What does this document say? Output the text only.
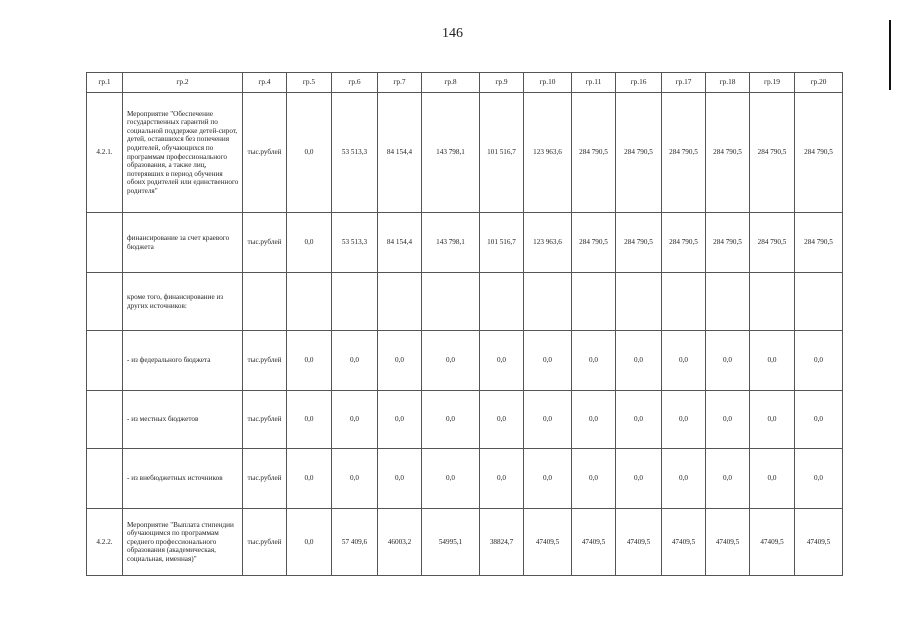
146
гр.1	гр.2	гр.4	гр.5	гр.6	гр.7	гр.8	гр.9	гр.10	гр.11	гр.16	гр.17	гр.18	гр.19	гр.20
4.2.1.	Мероприятие "Обеспечение государственных гарантий по социальной поддержке детей-сирот, детей, оставшихся без попечения родителей, обучающихся по программам профессионального образования, а также лиц, потерявших в период обучения обоих родителей или единственного родителя"	тыс.рублей	0,0	53 513,3	84 154,4	143 798,1	101 516,7	123 963,6	284 790,5	284 790,5	284 790,5	284 790,5	284 790,5	284 790,5
	финансирование за счет краевого бюджета	тыс.рублей	0,0	53 513,3	84 154,4	143 798,1	101 516,7	123 963,6	284 790,5	284 790,5	284 790,5	284 790,5	284 790,5	284 790,5
	кроме того, финансирование из других источников:													
	- из федерального бюджета	тыс.рублей	0,0	0,0	0,0	0,0	0,0	0,0	0,0	0,0	0,0	0,0	0,0	0,0
	- из местных бюджетов	тыс.рублей	0,0	0,0	0,0	0,0	0,0	0,0	0,0	0,0	0,0	0,0	0,0	0,0
	- из внебюджетных источников	тыс.рублей	0,0	0,0	0,0	0,0	0,0	0,0	0,0	0,0	0,0	0,0	0,0	0,0
4.2.2.	Мероприятие "Выплата стипендии обучающимся по программам среднего профессионального образования (академическая, социальная, именная)"	тыс.рублей	0,0	57 409,6	46003,2	54995,1	38824,7	47409,5	47409,5	47409,5	47409,5	47409,5	47409,5	47409,5
